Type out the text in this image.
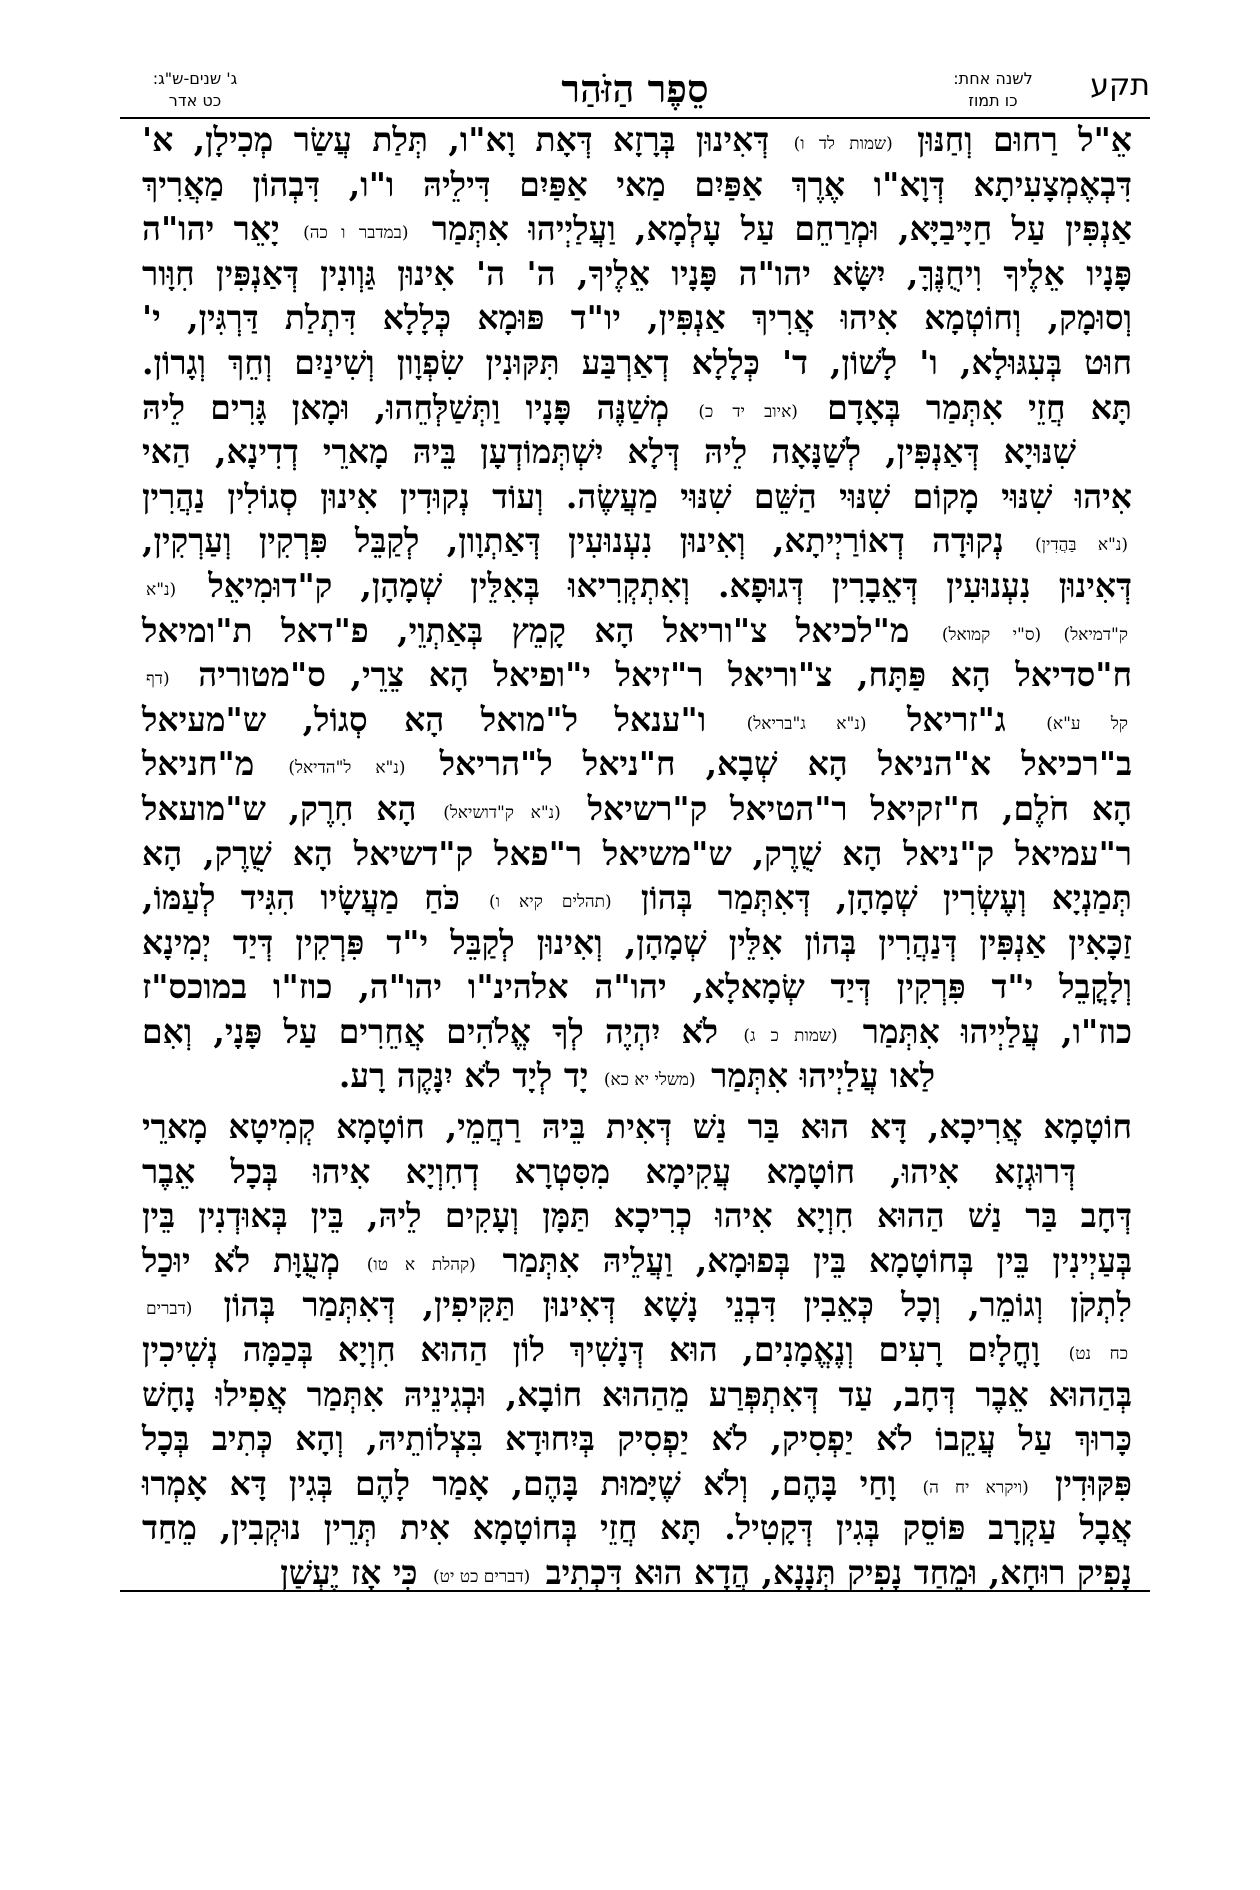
תקע
לשנה אחת:
כו תמוז
סֵפֶר הַזֹּהַר
ג' שנים-ש"ג:
כט אדר
אֵ"ל רַחוּם וְחַנּוּן (שמות לד ו) דְּאִינוּן בְּרָזָא דְּאָת וָא"ו, תְּלַת עֲשַׂר מְכִילָן, א'
דִּבְאֶמְצָעִיתָא דְּוָא"ו אֶרֶךְ אַפַּיִם מַאי אַפַּיִם דִּילֵיהּ ו"ו, דִּבְהוֹן מַאֲרִיךְ
אַנְפִּין עַל חַיָּיבַיָּא, וּמְרַחֵם עַל עָלְמָא, וַעֲלַיְיהוּ אִתְּמַר (במדבר ו כה) יָאֵר יהו"ה
פָּנָיו אֵלֶיךָ וִיחֻנֶּךָּ, יִשָּׂא יהו"ה פָּנָיו אֵלֶיךָ, ה' ה' אִינוּן גַּוְונִין דְּאַנְפִּין חִוָּור
וְסוּמָק, וְחוֹטְמָא אִיהוּ אֲרִיךְ אַנְפִּין, יו"ד פּוּמָא כְּלָלָא דִּתְלַת דַּרְגִּין, י'
חוּט בְּעִגּוּלָא, ו' לָשׁוֹן, ד' כְּלָלָא דְאַרְבַּע תִּקּוּנִין שִׂפְוָון וְשִׁינַיִם וְחֵךְ וְגָרוֹן.
תָּא חֲזֵי אִתְּמַר בְּאָדָם (איוב יד כ) מְשַׁנֶּה פָּנָיו וַתְּשַׁלְּחֵהוּ, וּמָאן גָּרִים לֵיהּ
שִׁנּוּיָא דְּאַנְפִּין, לְשַׁנָּאָה לֵיהּ דְּלָא יִשְׁתְּמוֹדְעָן בֵּיהּ מָארֵי דְדִינָא, הַאי
אִיהוּ שִׁנּוּי מָקוֹם שִׁנּוּי הַשֵּׁם שִׁנּוּי מַעֲשֶׂה. וְעוֹד נְקוּדִין אִינוּן סְגוֹלִין נַהֲרִין
(נ"א בַּהֲדִין) נְקוּדָה דְאוֹרַיְיתָא, וְאִינוּן נִעְנוּעִין דְּאַתְוָון, לְקַבֵּל פִּרְקִין וְעַרְקִין,
דְּאִינוּן נִעְנוּעִין דְּאֵבָרִין דְּגוּפָא. וְאִתְקְרִיאוּ בְּאִלֵּין שְׁמָהָן, ק"דוּמִיאֵל (נ"א
ק"דמיאל) (ס"י קמואל) מ"לכיאל צ"וריאל הָא קָמֵץ בְּאַתְוֵי, פ"דאל ת"ומיאל
ח"סדיאל הָא פַּתָּח, צ"וריאל ר"זיאל י"ופיאל הָא צֵרֵי, ס"מטוריה (דף
קל ע"א) ג"זריאל (נ"א ג"בריאל) ו"ענאל ל"מואל הָא סְגוֹל, ש"מעיאל
ב"רכיאל א"הניאל הָא שְׁבָא, ח"ניאל ל"הריאל (נ"א ל"הדיאל) מ"חניאל
הָא חֹלֶם, ח"זקיאל ר"הטיאל ק"רשיאל (נ"א ק"דושיאל) הָא חִרֶק, ש"מועאל
ר"עמיאל ק"ניאל הָא שֻׁרֶק, ש"משיאל ר"פאל ק"דשיאל הָא שֻׁרֶק, הָא
תְּמַנְיָא וְעֶשְׂרִין שְׁמָהָן, דְּאִתְּמַר בְּהוֹן (תהלים קיא ו) כֹּחַ מַעֲשָׂיו הִגִּיד לְעַמּוֹ,
זַכָּאִין אַנְפִּין דְּנַהֲרִין בְּהוֹן אִלֵּין שְׁמָהָן, וְאִינוּן לְקַבֵּל י"ד פִּרְקִין דְּיַד יְמִינָא
וְלָקֳבֵל י"ד פִּרְקִין דְּיַד שְׂמָאלָא, יהו"ה אלהינ"ו יהו"ה, כוז"ו במוכס"ז
כוז"ו, עֲלַיְיהוּ אִתְּמַר (שמות כ ג) לֹא יִהְיֶה לְךָ אֱלֹהִים אֲחֵרִים עַל פָּנָי, וְאִם
לַאו עֲלַיְיהוּ אִתְּמַר (משלי יא כא) יָד לְיָד לֹא יִנָּקֶה רָע.
חוֹטָמָא אֲרִיכָא, דָּא הוּא בַּר נַשׁ דְּאִית בֵּיהּ רַחֲמֵי, חוֹטָמָא קְמִיטָא מָארֵי
דְּרוּגְזָא אִיהוּ, חוֹטָמָא עֲקִימָא מִסִּטְרָא דְחִוְיָא אִיהוּ בְּכָל אֵבֶר
דְּחָב בַּר נַשׁ הַהוּא חִוְיָא אִיהוּ כְרִיכָא תַּמָּן וְעָקִים לֵיהּ, בֵּין בְּאוּדְנִין בֵּין
בְּעַיְינִין בֵּין בְּחוֹטָמָא בֵּין בְּפוּמָא, וַעֲלֵיהּ אִתְּמַר (קהלת א טו) מְעֻוָּת לֹא יוּכַל
לִתְקֹן וְגוֹמֵר, וְכָל כְּאֵבִין דִּבְנֵי נָשָׁא דְּאִינוּן תַּקִּיפִין, דְּאִתְּמַר בְּהוֹן (דברים
כח נט) וָחֳלָיִם רָעִים וְנֶאֱמָנִים, הוּא דְּנָשִׁיךְ לוֹן הַהוּא חִוְיָא בְּכַמָּה נְשִׁיכִין
בְּהַהוּא אֵבֶר דְּחָב, עַד דְּאִתְפְּרַע מֵהַהוּא חוֹבָא, וּבְגִינֵיהּ אִתְּמַר אֲפִילוּ נָחָשׁ
כָּרוּךְ עַל עֲקֵבוֹ לֹא יַפְסִיק, לֹא יַפְסִיק בְּיִחוּדָא בִּצְלוֹתֵיהּ, וְהָא כְּתִיב בְּכָל
פִּקּוּדִין (ויקרא יח ה) וָחַי בָּהֶם, וְלֹא שֶׁיָּמוּת בָּהֶם, אָמַר לָהֶם בְּגִין דָּא אָמְרוּ
אֲבָל עַקְרָב פּוֹסֵק בְּגִין דְּקָטִיל. תָּא חֲזֵי בְּחוֹטָמָא אִית תְּרֵין נוּקְבִין, מֵחַד
נָפִיק רוּחָא, וּמֵחַד נָפִיק תְּנָנָא, הֲדָא הוּא דִּכְתִיב (דברים כט יט) כִּי אָז יֶעְשַׁן
